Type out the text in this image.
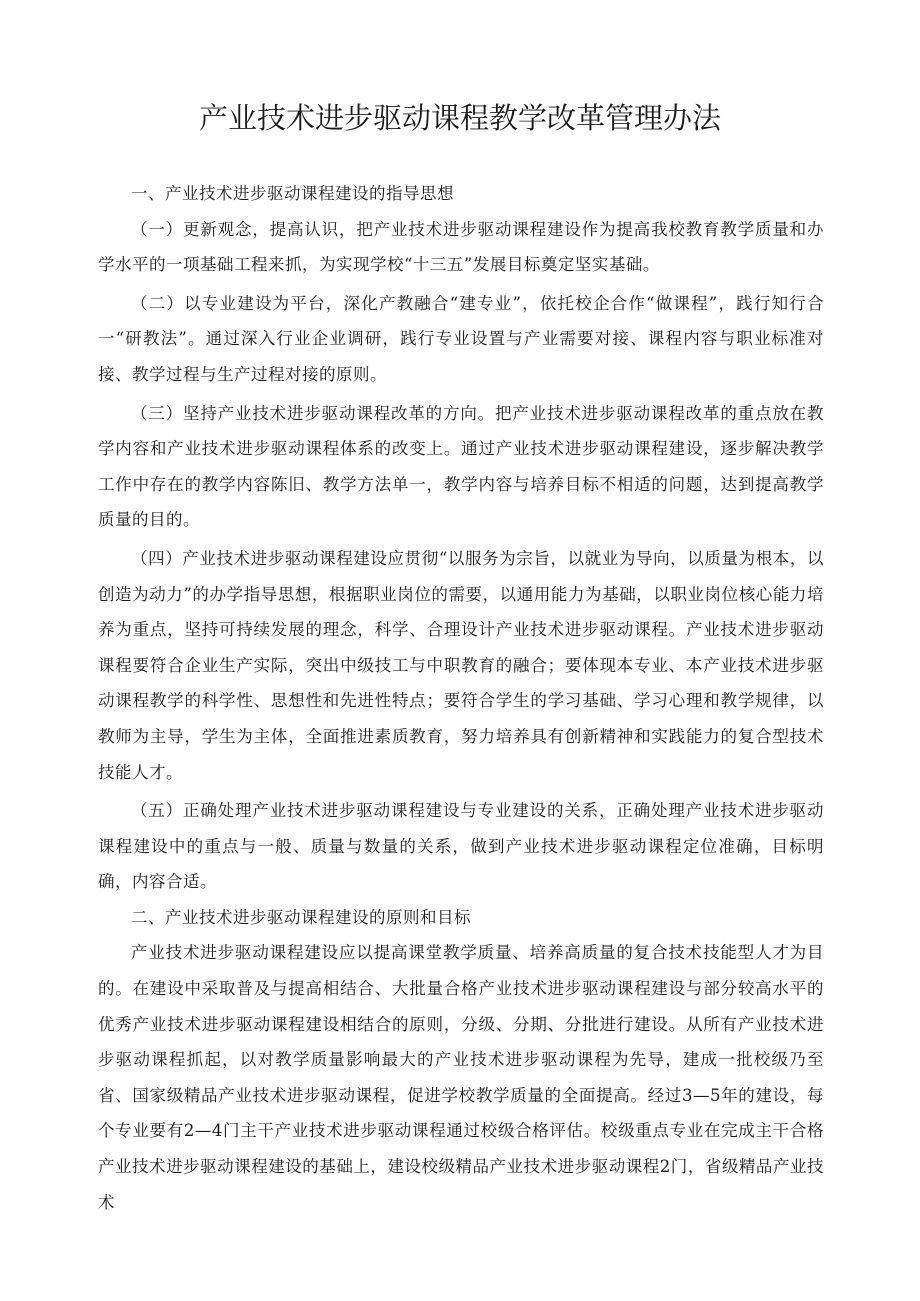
产业技术进步驱动课程教学改革管理办法

一、产业技术进步驱动课程建设的指导思想

（一）更新观念，提高认识，把产业技术进步驱动课程建设作为提高我校教育教学质量和办学水平的一项基础工程来抓，为实现学校“十三五”发展目标奠定坚实基础。

（二）以专业建设为平台，深化产教融合“建专业”，依托校企合作“做课程”，践行知行合一“研教法”。通过深入行业企业调研，践行专业设置与产业需要对接、课程内容与职业标准对接、教学过程与生产过程对接的原则。

（三）坚持产业技术进步驱动课程改革的方向。把产业技术进步驱动课程改革的重点放在教学内容和产业技术进步驱动课程体系的改变上。通过产业技术进步驱动课程建设，逐步解决教学工作中存在的教学内容陈旧、教学方法单一，教学内容与培养目标不相适的问题，达到提高教学质量的目的。

（四）产业技术进步驱动课程建设应贯彻“以服务为宗旨，以就业为导向，以质量为根本，以创造为动力”的办学指导思想，根据职业岗位的需要，以通用能力为基础，以职业岗位核心能力培养为重点，坚持可持续发展的理念，科学、合理设计产业技术进步驱动课程。产业技术进步驱动课程要符合企业生产实际，突出中级技工与中职教育的融合；要体现本专业、本产业技术进步驱动课程教学的科学性、思想性和先进性特点；要符合学生的学习基础、学习心理和教学规律，以教师为主导，学生为主体，全面推进素质教育，努力培养具有创新精神和实践能力的复合型技术技能人才。

（五）正确处理产业技术进步驱动课程建设与专业建设的关系，正确处理产业技术进步驱动课程建设中的重点与一般、质量与数量的关系，做到产业技术进步驱动课程定位准确，目标明确，内容合适。

二、产业技术进步驱动课程建设的原则和目标

产业技术进步驱动课程建设应以提高课堂教学质量、培养高质量的复合技术技能型人才为目的。在建设中采取普及与提高相结合、大批量合格产业技术进步驱动课程建设与部分较高水平的优秀产业技术进步驱动课程建设相结合的原则，分级、分期、分批进行建设。从所有产业技术进步驱动课程抓起，以对教学质量影响最大的产业技术进步驱动课程为先导，建成一批校级乃至省、国家级精品产业技术进步驱动课程，促进学校教学质量的全面提高。经过3—5年的建设，每个专业要有2—4门主干产业技术进步驱动课程通过校级合格评估。校级重点专业在完成主干合格产业技术进步驱动课程建设的基础上，建设校级精品产业技术进步驱动课程2门，省级精品产业技术
